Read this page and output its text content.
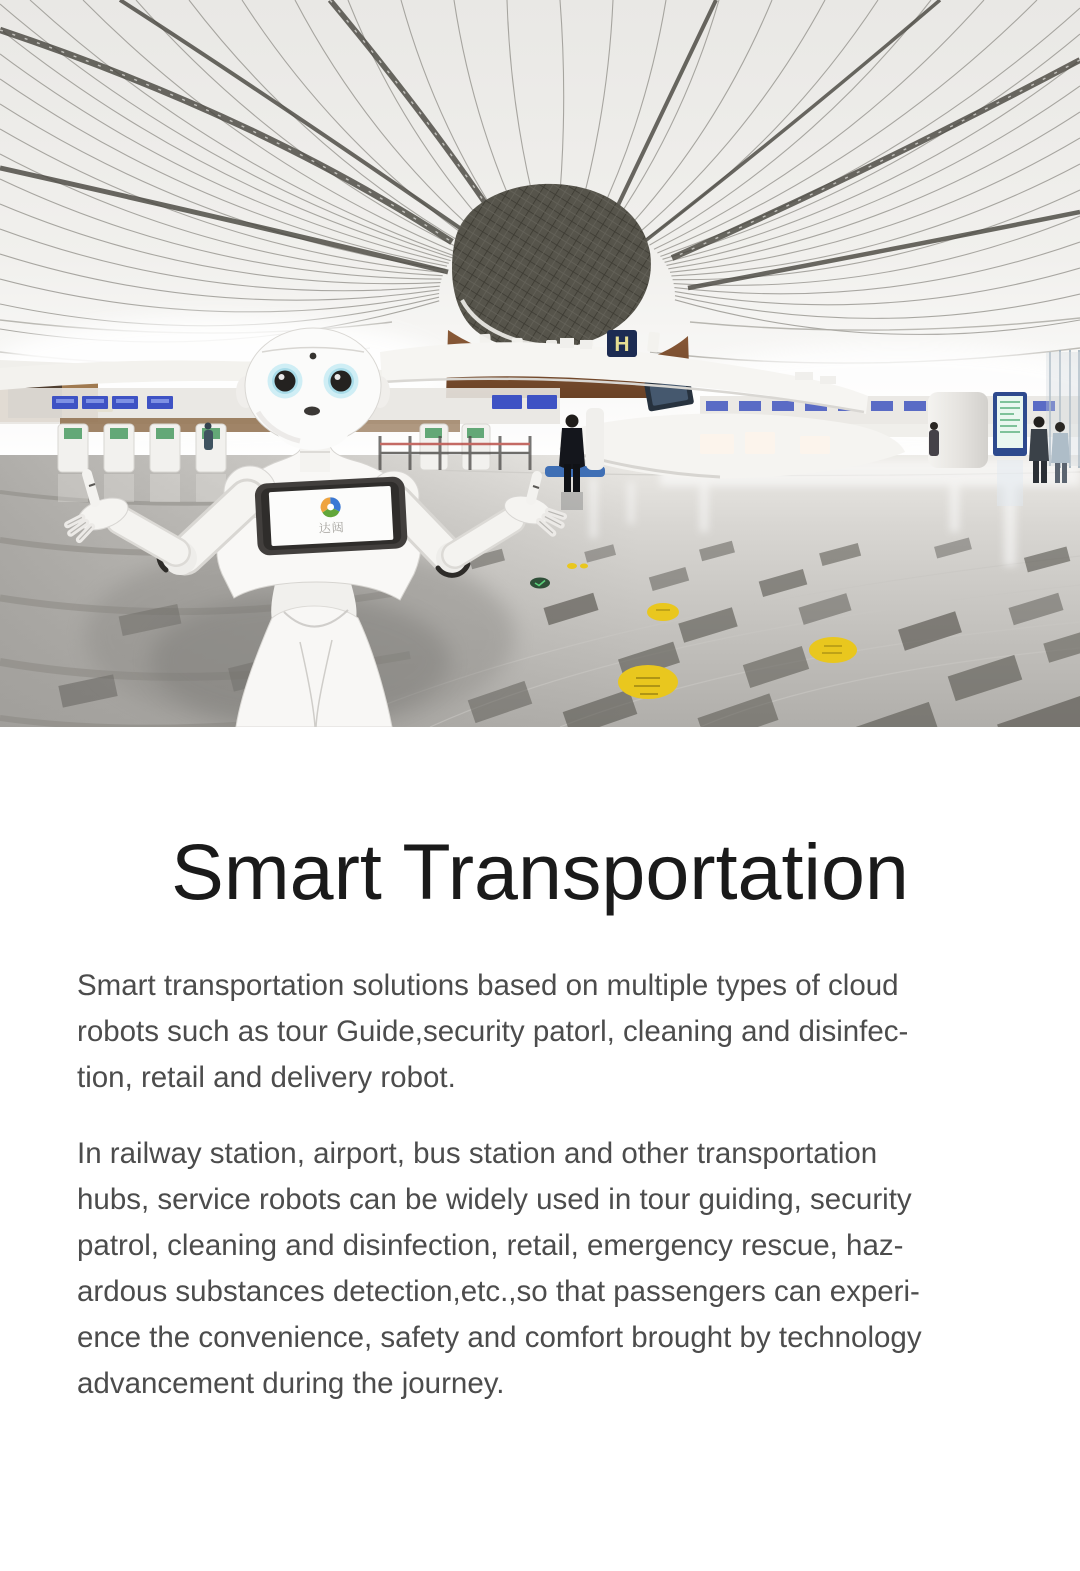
H
达闼
Smart Transportation
Smart transportation solutions based on multiple types of cloud
robots such as tour Guide,security patorl, cleaning and disinfec-
tion, retail and delivery robot.
In railway station, airport, bus station and other transportation
hubs, service robots can be widely used in tour guiding, security
patrol, cleaning and disinfection, retail, emergency rescue, haz-
ardous substances detection,etc.,so that passengers can experi-
ence the convenience, safety and comfort brought by technology
advancement during the journey.
